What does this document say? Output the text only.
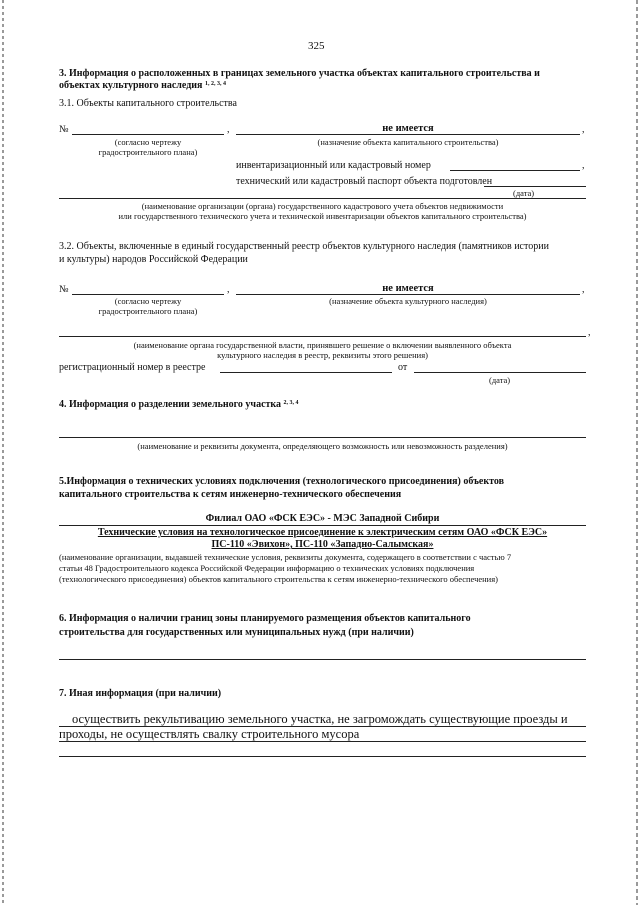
325
3. Информация о расположенных в границах земельного участка объектах капитального строительства и
объектах культурного наследия $^{1, 2, 3, 4}$
3.1. Объекты капитального строительства
№	,	не имеется	,
(согласно чертежу
градостроительного плана)
(назначение объекта капитального строительства)
инвентаризационный или кадастровый номер	,
технический или кадастровый паспорт объекта подготовлен
(дата)
(наименование организации (органа) государственного кадастрового учета объектов недвижимости
или государственного технического учета и технической инвентаризации объектов капитального строительства)
3.2. Объекты, включенные в единый государственный реестр объектов культурного наследия (памятников истории
и культуры) народов Российской Федерации
№	,	не имеется	,
(согласно чертежу
градостроительного плана)
(назначение объекта культурного наследия)
,
(наименование органа государственной власти, принявшего решение о включении выявленного объекта
культурного наследия в реестр, реквизиты этого решения)
регистрационный номер в реестре	от
(дата)
4. Информация о разделении земельного участка $^{2, 3, 4}$
(наименование и реквизиты документа, определяющего возможность или невозможность разделения)
5.Информация о технических условиях подключения (технологического присоединения) объектов
капитального строительства к сетям инженерно-технического обеспечения
Филиал ОАО «ФСК ЕЭС» - МЭС Западной Сибири
Технические условия на технологическое присоединение к электрическим сетям ОАО «ФСК ЕЭС»
ПС-110 «Эвихон», ПС-110 «Западно-Салымская»
(наименование организации, выдавшей технические условия, реквизиты документа, содержащего в соответствии с частью 7
статьи 48 Градостроительного кодекса Российской Федерации информацию о технических условиях подключения
(технологического присоединения) объектов капитального строительства к сетям инженерно-технического обеспечения)
6. Информация о наличии границ зоны планируемого размещения объектов капитального
строительства для государственных или муниципальных нужд (при наличии)
7. Иная информация (при наличии)
осуществить рекультивацию земельного участка, не загромождать существующие проезды и
проходы, не осуществлять свалку строительного мусора
